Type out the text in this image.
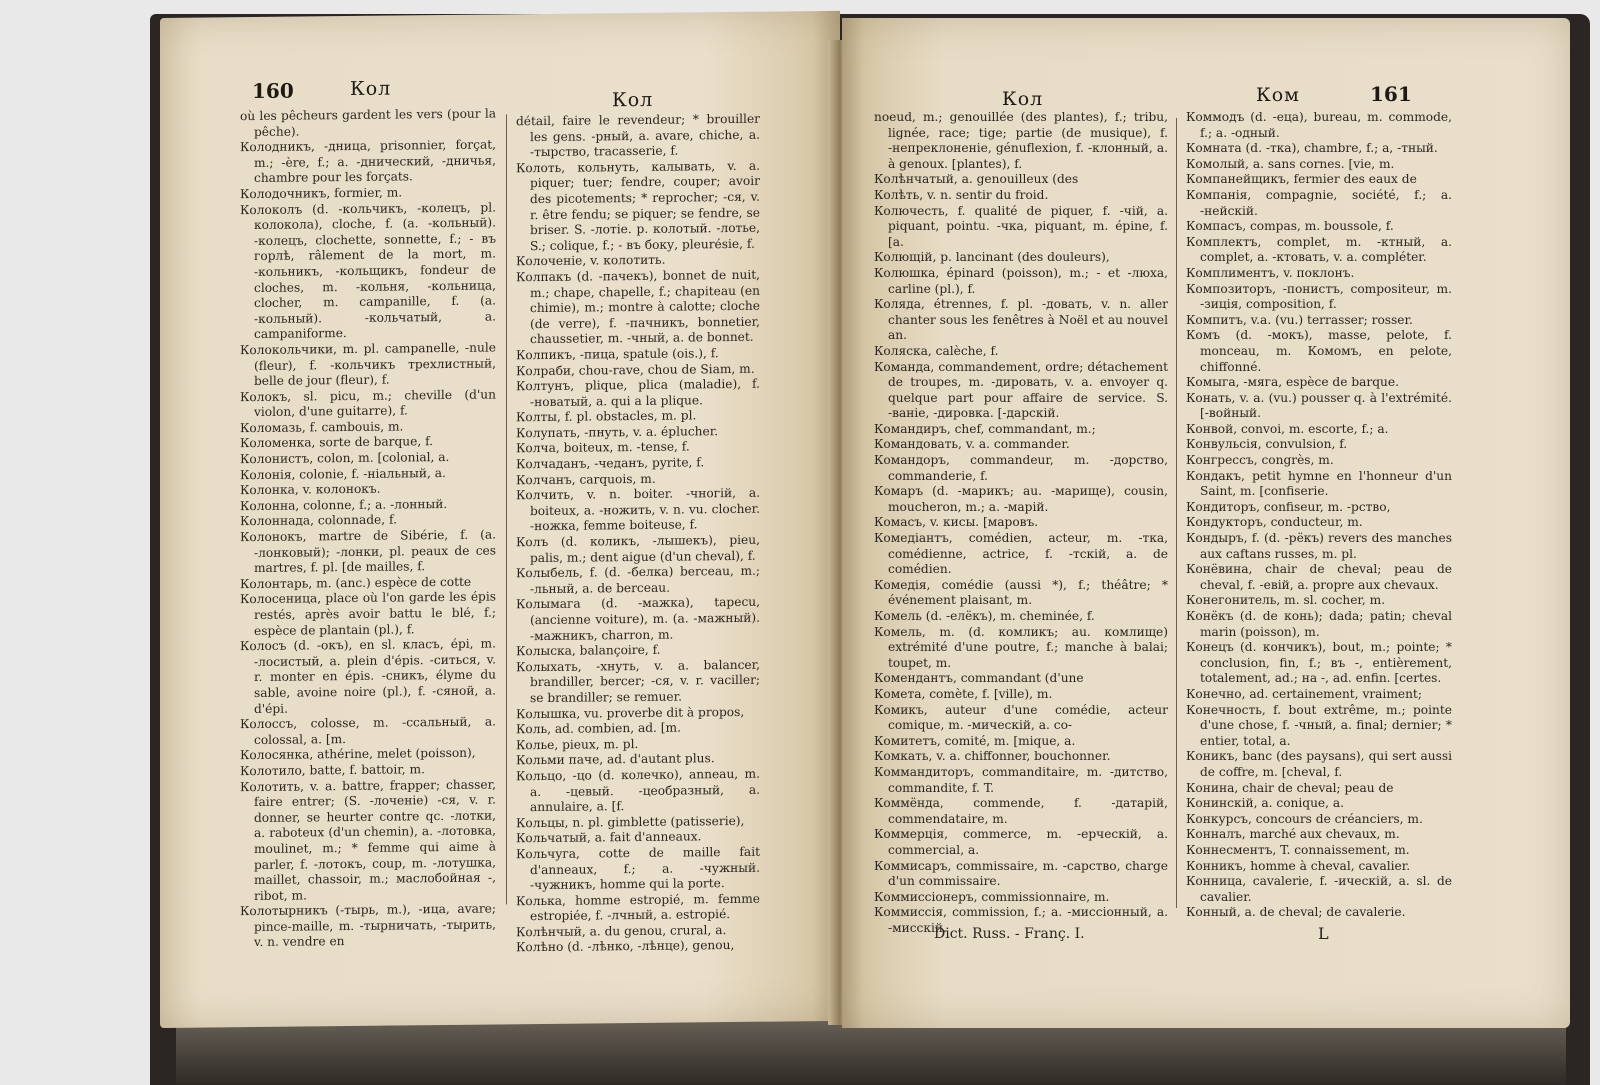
160	Кол
Кол

où les pêcheurs gardent les vers (pour la pêche).

Колодникъ, -дница, prisonnier, forçat, m.; -ère, f.; a. -днический, -дничья, chambre pour les forçats.

Колодочникъ, formier, m.

Колоколъ (d. -кольчикъ, -колецъ, pl. колокола), cloche, f. (a. -кольный). -колецъ, clochette, sonnette, f.; - въ горлѣ, râlement de la mort, m. -кольникъ, -кольщикъ, fondeur de cloches, m. -кольня, -кольница, clocher, m. campanille, f. (a. -кольный). -кольчатый, a. campaniforme.

Колокольчики, m. pl. campanelle, -nule (fleur), f. -кольчикъ трехлистный, belle de jour (fleur), f.

Колокъ, sl. picu, m.; cheville (d'un violon, d'une guitarre), f.

Коломазь, f. cambouis, m.

Коломенка, sorte de barque, f.

Колонистъ, colon, m. [colonial, a.

Колонія, colonie, f. -ніальный, a.

Колонка, v. колонокъ.

Колонна, colonne, f.; a. -лонный.

Колоннада, colonnade, f.

Колонокъ, martre de Sibérie, f. (a. -лонковый); -лонки, pl. peaux de ces martres, f. pl. [de mailles, f.

Колонтарь, m. (anc.) espèce de cotte

Колосеница, place où l'on garde les épis restés, après avoir battu le blé, f.; espèce de plantain (pl.), f.

Колосъ (d. -окъ), en sl. класъ, épi, m. -лосистый, a. plein d'épis. -ситься, v. r. monter en épis. -сникъ, élyme du sable, avoine noire (pl.), f. -сяной, a. d'épi.

Колоссъ, colosse, m. -ссальный, a. colossal, a. [m.

Колосянка, athérine, melet (poisson),

Колотило, batte, f. battoir, m.

Колотить, v. a. battre, frapper; chasser, faire entrer; (S. -лоченіе) -ся, v. r. donner, se heurter contre qc. -лотки, a. raboteux (d'un chemin), a. -лотовка, moulinet, m.; * femme qui aime à parler, f. -лотокъ, coup, m. -лотушка, maillet, chassoir, m.; маслобойная -, ribot, m.

Колотырникъ (-тырь, m.), -ица, avare; pince-maille, m. -тырничать, -тырить, v. n. vendre en

détail, faire le revendeur; * brouiller les gens. -рный, a. avare, chiche, a. -тырство, tracasserie, f.

Колоть, кольнуть, калывать, v. a. piquer; tuer; fendre, couper; avoir des picotements; * reprocher; -ся, v. r. être fendu; se piquer; se fendre, se briser. S. -лотіе. р. колотый. -лотье, S.; colique, f.; - въ боку, pleurésie, f.

Колоченіе, v. колотить.

Колпакъ (d. -пачекъ), bonnet de nuit, m.; chape, chapelle, f.; chapiteau (en chimie), m.; montre à calotte; cloche (de verre), f. -пачникъ, bonnetier, chaussetier, m. -чный, a. de bonnet.

Колпикъ, -пица, spatule (ois.), f.

Колраби, chou-rave, chou de Siam, m.

Колтунъ, plique, plica (maladie), f. -новатый, a. qui a la plique.

Колты, f. pl. obstacles, m. pl.

Колупать, -пнуть, v. a. éplucher.

Колча, boiteux, m. -tense, f.

Колчаданъ, -чеданъ, pyrite, f.

Колчанъ, carquois, m.

Колчить, v. n. boiter. -чногій, a. boiteux, a. -ножить, v. n. vu. clocher. -ножка, femme boiteuse, f.

Колъ (d. коликъ, -лышекъ), pieu, palis, m.; dent aigue (d'un cheval), f.

Колыбель, f. (d. -белка) berceau, m.; -льный, a. de berceau.

Колымага (d. -мажка), tapecu, (ancienne voiture), m. (a. -мажный). -мажникъ, charron, m.

Колыска, balançoire, f.

Колыхать, -хнуть, v. a. balancer, brandiller, bercer; -ся, v. r. vaciller; se brandiller; se remuer.

Колышка, vu. proverbe dit à propos,

Коль, ad. combien, ad. [m.

Колье, pieux, m. pl.

Кольми паче, ad. d'autant plus.

Кольцо, -цо (d. колечко), anneau, m. a. -цевый. -цеобразный, a. annulaire, a. [f.

Кольцы, n. pl. gimblette (patisserie),

Кольчатый, a. fait d'anneaux.

Кольчуга, cotte de maille fait d'anneaux, f.; a. -чужный. -чужникъ, homme qui la porte.

Колька, homme estropié, m. femme estropiée, f. -лчный, a. estropié.

Колѣнчый, a. du genou, crural, a.

Колѣно (d. -лѣнко, -лѣнце), genou,

Кол	Ком	161

noeud, m.; genouillée (des plantes), f.; tribu, lignée, race; tige; partie (de musique), f. -непреклоненіе, génuflexion, f. -клонный, a. à genoux. [plantes), f.

Колѣнчатый, a. genouilleux (des

Колѣть, v. n. sentir du froid.

Колючесть, f. qualité de piquer, f. -чій, a. piquant, pointu. -чка, piquant, m. épine, f. [a.

Колющій, p. lancinant (des douleurs),

Колюшка, épinard (poisson), m.; - et -люха, carline (pl.), f.

Коляда, étrennes, f. pl. -довать, v. n. aller chanter sous les fenêtres à Noël et au nouvel an.

Коляска, calèche, f.

Команда, commandement, ordre; détachement de troupes, m. -дировать, v. a. envoyer q. quelque part pour affaire de service. S. -ваніе, -дировка. [-дарскій.

Командиръ, chef, commandant, m.;

Командовать, v. a. commander.

Командоръ, commandeur, m. -дорство, commanderie, f.

Комаръ (d. -марикъ; au. -марище), cousin, moucheron, m.; a. -марій.

Комасъ, v. кисы. [маровъ.

Комедіантъ, comédien, acteur, m. -тка, comédienne, actrice, f. -тскій, a. de comédien.

Комедія, comédie (aussi *), f.; théâtre; * événement plaisant, m.

Комель (d. -елёкъ), m. cheminée, f.

Комель, m. (d. комликъ; au. комлище) extrémité d'une poutre, f.; manche à balai; toupet, m.

Комендантъ, commandant (d'une

Комета, comète, f. [ville), m.

Комикъ, auteur d'une comédie, acteur comique, m. -мическій, a. co-

Комитетъ, comité, m. [mique, a.

Комкать, v. a. chiffonner, bouchonner.

Коммандиторъ, commanditaire, m. -дитство, commandite, f. T.

Коммёнда, commende, f. -датарій, commendataire, m.

Коммерція, commerce, m. -ерческій, a. commercial, a.

Коммисаръ, commissaire, m. -сарство, charge d'un commissaire.

Коммиссіонеръ, commissionnaire, m.

Коммиссія, commission, f.; a. -миссіонный, a. -мисскій.

Коммодъ (d. -еца), bureau, m. commode, f.; a. -одный.

Комната (d. -тка), chambre, f.; a, -тный.

Комолый, a. sans cornes. [vie, m.

Компанейщикъ, fermier des eaux de

Компанія, compagnie, société, f.; a. -нейскій.

Компасъ, compas, m. boussole, f.

Комплектъ, complet, m. -ктный, a. complet, a. -ктовать, v. a. compléter.

Комплиментъ, v. поклонъ.

Композиторъ, -понистъ, compositeur, m. -зиція, composition, f.

Компитъ, v.a. (vu.) terrasser; rosser.

Комъ (d. -мокъ), masse, pelote, f. monceau, m. Комомъ, en pelote, chiffonné.

Комыга, -мяга, espèce de barque.

Конать, v. a. (vu.) pousser q. à l'extrémité. [-войный.

Конвой, convoi, m. escorte, f.; a.

Конвульсія, convulsion, f.

Конгрессъ, congrès, m.

Кондакъ, petit hymne en l'honneur d'un Saint, m. [confiserie.

Кондиторъ, confiseur, m. -рство,

Кондукторъ, conducteur, m.

Кондыръ, f. (d. -рёкъ) revers des manches aux caftans russes, m. pl.

Конёвина, chair de cheval; peau de cheval, f. -евій, a. propre aux chevaux.

Конегонитель, m. sl. cocher, m.

Конёкъ (d. de конь); dada; patin; cheval marin (poisson), m.

Конецъ (d. кончикъ), bout, m.; pointe; * conclusion, fin, f.; въ -, entièrement, totalement, ad.; на -, ad. enfin. [certes.

Конечно, ad. certainement, vraiment;

Конечность, f. bout extrême, m.; pointe d'une chose, f. -чный, a. final; dernier; * entier, total, a.

Коникъ, banc (des paysans), qui sert aussi de coffre, m. [cheval, f.

Конина, chair de cheval; peau de

Конинскій, a. conique, a.

Конкурсъ, concours de créanciers, m.

Конналъ, marché aux chevaux, m.

Коннесментъ, T. connaissement, m.

Конникъ, homme à cheval, cavalier.

Конница, cavalerie, f. -ическій, a. sl. de cavalier.

Конный, a. de cheval; de cavalerie.

Dict. Russ. - Franç. I.	L
